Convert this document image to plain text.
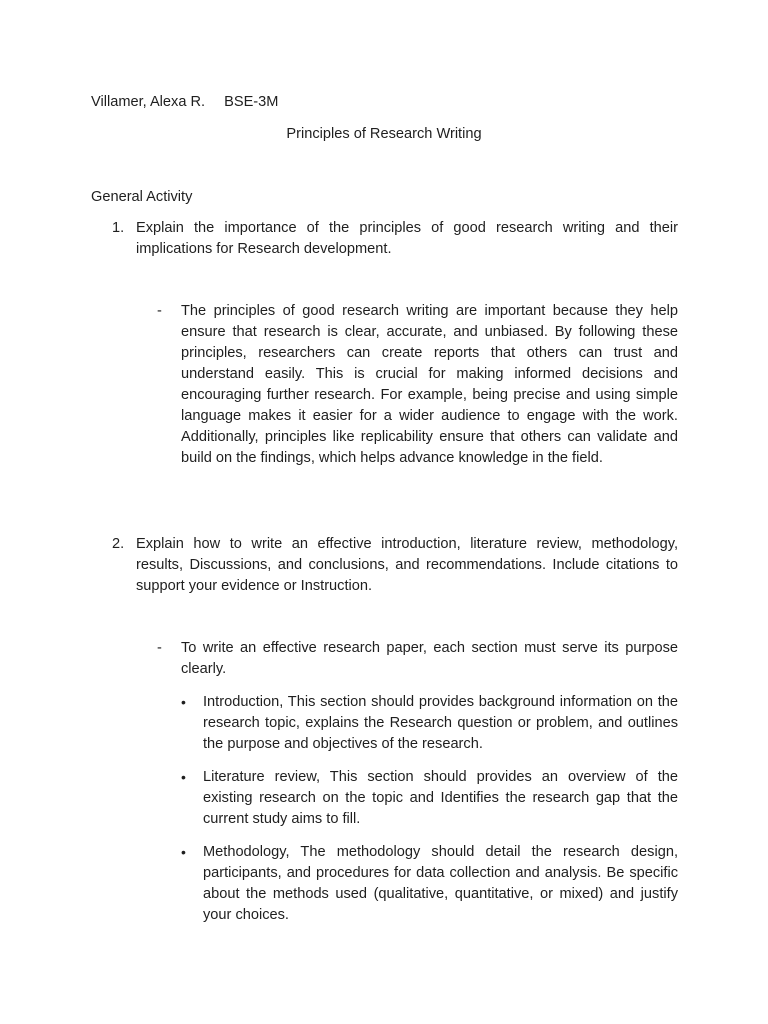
Villamer, Alexa R. BSE-3M
Principles of Research Writing
General Activity
1. Explain the importance of the principles of good research writing and their implications for Research development.
- The principles of good research writing are important because they help ensure that research is clear, accurate, and unbiased. By following these principles, researchers can create reports that others can trust and understand easily. This is crucial for making informed decisions and encouraging further research. For example, being precise and using simple language makes it easier for a wider audience to engage with the work. Additionally, principles like replicability ensure that others can validate and build on the findings, which helps advance knowledge in the field.
2. Explain how to write an effective introduction, literature review, methodology, results, Discussions, and conclusions, and recommendations. Include citations to support your evidence or Instruction.
- To write an effective research paper, each section must serve its purpose clearly.
• Introduction, This section should provides background information on the research topic, explains the Research question or problem, and outlines the purpose and objectives of the research.
• Literature review, This section should provides an overview of the existing research on the topic and Identifies the research gap that the current study aims to fill.
• Methodology, The methodology should detail the research design, participants, and procedures for data collection and analysis. Be specific about the methods used (qualitative, quantitative, or mixed) and justify your choices.
